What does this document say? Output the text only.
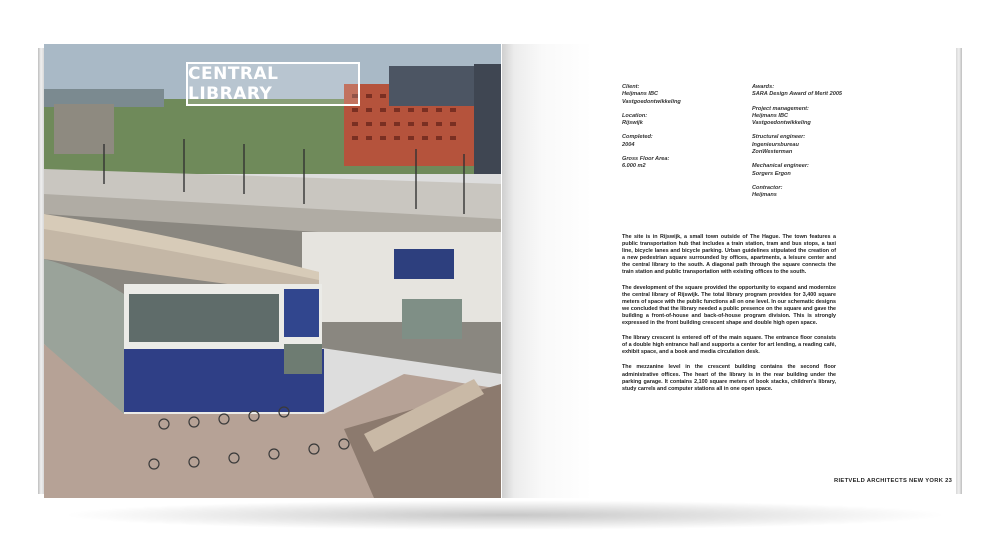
CENTRAL LIBRARY	Client:
Heijmans IBC
Vastgoedontwikkeling
Location:
Rijswijk
Completed:
2004
Gross Floor Area:
6.000 m2
Awards:
SARA Design Award of Merit 2005
Project management:
Heijmans IBC
Vastgoedontwikkeling
Structural engineer:
Ingenieursbureau
ZonWesterman
Mechanical engineer:
Sorgers Ergon
Contractor:
Heijmans

The site is in Rijswijk, a small town outside of The Hague. The town features a public transportation hub that includes a train station, tram and bus stops, a taxi line, bicycle lanes and bicycle parking. Urban guidelines stipulated the creation of a new pedestrian square surrounded by offices, apartments, a leisure center and the central library to the south. A diagonal path through the square connects the train station and public transportation with existing offices to the south.

The development of the square provided the opportunity to expand and modernize the central library of Rijswijk. The total library program provides for 3,400 square meters of space with the public functions all on one level. In our schematic designs we concluded that the library needed a public presence on the square and gave the building a front-of-house and back-of-house program division. This is strongly expressed in the front building crescent shape and double high open space.

The library crescent is entered off of the main square. The entrance floor consists of a double high entrance hall and supports a center for art lending, a reading café, exhibit space, and a book and media circulation desk.

The mezzanine level in the crescent building contains the second floor administrative offices. The heart of the library is in the rear building under the parking garage. It contains 2,100 square meters of book stacks, children's library, study carrels and computer stations all in one open space.

RIETVELD ARCHITECTS NEW YORK 23
